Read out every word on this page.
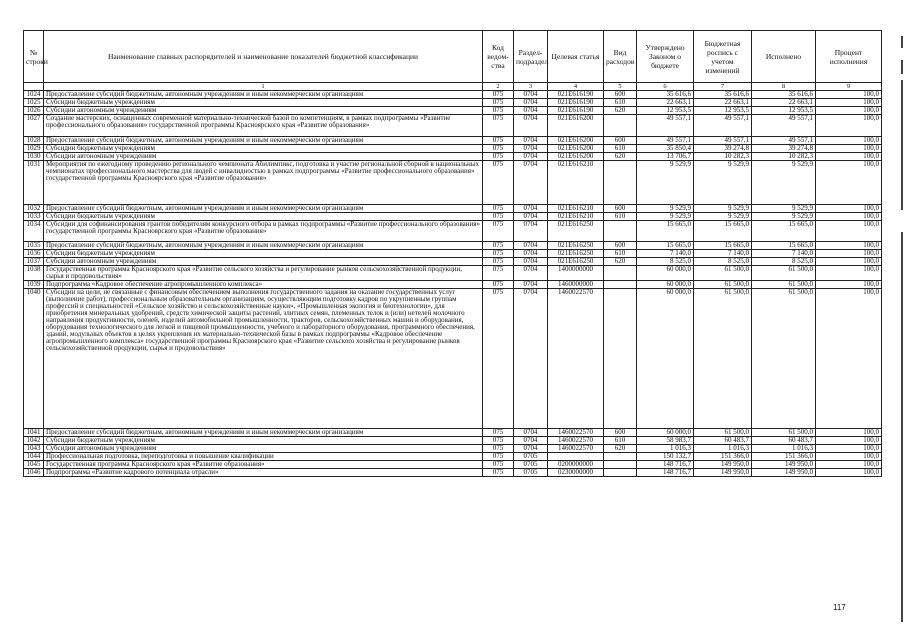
№ строки	Наименование главных распорядителей и наименование показателей бюджетной классификации	Код ведом-ства	Раздел-подраздел	Целевая статья	Вид расходов	Утверждено Законом о бюджете	Бюджетная роспись с учетом изменений	Исполнено	Процент исполнения
	1	2	3	4	5	6	7	8	9
1024	Предоставление субсидий бюджетным, автономным учреждениям и иным некоммерческим организациям	075	0704	021Е616190	600	35 616,6	35 616,6	35 616,6	100,0
1025	Субсидии бюджетным учреждениям	075	0704	021Е616190	610	22 663,1	22 663,1	22 663,1	100,0
1026	Субсидии автономным учреждениям	075	0704	021Е616190	620	12 953,5	12 953,5	12 953,5	100,0
1027	Создание мастерских, оснащенных современной материально-технической базой по компетенциям, в рамках подпрограммы «Развитие профессионального образования» государственной программы Красноярского края «Развитие образования»	075	0704	021Е616200		49 557,1	49 557,1	49 557,1	100,0
1028	Предоставление субсидий бюджетным, автономным учреждениям и иным некоммерческим организациям	075	0704	021Е616200	600	49 557,1	49 557,1	49 557,1	100,0
1029	Субсидии бюджетным учреждениям	075	0704	021Е616200	610	35 850,4	39 274,8	39 274,8	100,0
1030	Субсидии автономным учреждениям	075	0704	021Е616200	620	13 706,7	10 282,3	10 282,3	100,0
1031	Мероприятия по ежегодному проведению регионального чемпионата Абилимпикс, подготовка и участие региональной сборной в национальных чемпионатах профессионального мастерства для людей с инвалидностью в рамках подпрограммы «Развитие профессионального образования» государственной программы Красноярского края «Развитие образования»	075	0704	021Е616210		9 529,9	9 529,9	9 529,9	100,0
1032	Предоставление субсидий бюджетным, автономным учреждениям и иным некоммерческим организациям	075	0704	021Е616210	600	9 529,9	9 529,9	9 529,9	100,0
1033	Субсидии бюджетным учреждениям	075	0704	021Е616210	610	9 529,9	9 529,9	9 529,9	100,0
1034	Субсидии для софинансирования грантов победителям конкурсного отбора в рамках подпрограммы «Развитие профессионального образования» государственной программы Красноярского края «Развитие образования»	075	0704	021Е616250		15 665,0	15 665,0	15 665,0	100,0
1035	Предоставление субсидий бюджетным, автономным учреждениям и иным некоммерческим организациям	075	0704	021Е616250	600	15 665,0	15 665,0	15 665,0	100,0
1036	Субсидии бюджетным учреждениям	075	0704	021Е616250	610	7 140,0	7 140,0	7 140,0	100,0
1037	Субсидии автономным учреждениям	075	0704	021Е616250	620	8 525,0	8 525,0	8 525,0	100,0
1038	Государственная программа Красноярского края «Развитие сельского хозяйства и регулирование рынков сельскохозяйственной продукции, сырья и продовольствия»	075	0704	1400000000		60 000,0	61 500,0	61 500,0	100,0
1039	Подпрограмма «Кадровое обеспечение агропромышленного комплекса»	075	0704	1460000000		60 000,0	61 500,0	61 500,0	100,0
1040	Субсидии на цели, не связанные с финансовым обеспечением выполнения государственного задания на оказание государственных услуг (выполнение работ), профессиональным образовательным организациям, осуществляющим подготовку кадров по укрупненным группам профессий и специальностей «Сельское хозяйство и сельскохозяйственные науки», «Промышленная экология и биотехнологии», для приобретения минеральных удобрений, средств химической защиты растений, элитных семян, племенных телок и (или) нетелей молочного направления продуктивности, оленей, изделий автомобильной промышленности, тракторов, сельскохозяйственных машин и оборудования, оборудования технологического для легкой и пищевой промышленности, учебного и лабораторного оборудования, программного обеспечения, зданий, модульных объектов в целях укрепления их материально-технической базы в рамках подпрограммы «Кадровое обеспечение агропромышленного комплекса» государственной программы Красноярского края «Развитие сельского хозяйства и регулирование рынков сельскохозяйственной продукции, сырья и продовольствия»	075	0704	1460022570		60 000,0	61 500,0	61 500,0	100,0
1041	Предоставление субсидий бюджетным, автономным учреждениям и иным некоммерческим организациям	075	0704	1460022570	600	60 000,0	61 500,0	61 500,0	100,0
1042	Субсидии бюджетным учреждениям	075	0704	1460022570	610	58 983,7	60 483,7	60 483,7	100,0
1043	Субсидии автономным учреждениям	075	0704	1460022570	620	1 016,3	1 016,3	1 016,3	100,0
1044	Профессиональная подготовка, переподготовка и повышение квалификации	075	0705			150 132,7	151 366,0	151 366,0	100,0
1045	Государственная программа Красноярского края «Развитие образования»	075	0705	0200000000		148 716,7	149 950,0	149 950,0	100,0
1046	Подпрограмма «Развитие кадрового потенциала отрасли»	075	0705	0230000000		148 716,7	149 950,0	149 950,0	100,0
117
